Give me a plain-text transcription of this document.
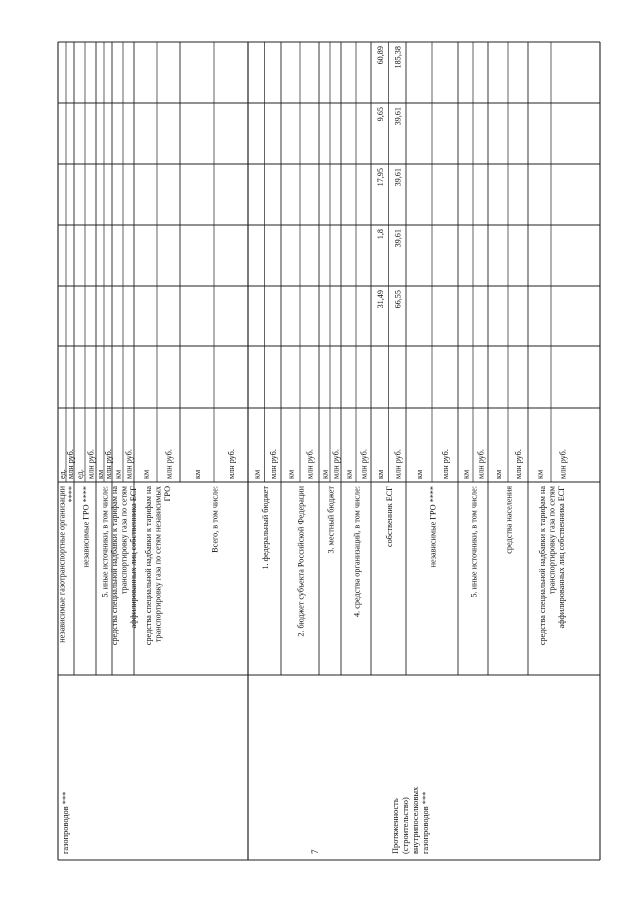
независимые газотранспортные организации ****
ед. млн руб.
независимые ГРО ****
ед. млн руб.
5. иные источники, в том числе:
км млн руб.
средства специальной надбавки к тарифам на транспортировку газа по сетям аффилированных лиц собственника ЕСГ
км млн руб.
средства специальной надбавки к тарифам на транспортировку газа по сетям независимых ГРО
км млн руб.
Всего, в том числе:
км	млн руб.
1. федеральный бюджет
км млн руб.
2. бюджет субъекта Российской Федерации
км млн руб.
3. местный бюджет
км млн руб.
4. средства организаций, в том числе:
км млн руб.
собственник ЕСГ
км
31,49
1,8
17,95
9,65
60,89
млн руб.
66,55
39,61
39,61
39,61
185,38
независимые ГРО ****
км млн руб.
5. иные источники, в том числе:
км млн руб.
средства населения
км млн руб.
средства специальной надбавки к тарифам на транспортировку газа по сетям аффилированных лиц собственника ЕСГ
км млн руб.
газопроводов ***	Протяженность (строительство) внутрипоселковых газопроводов ***
7
